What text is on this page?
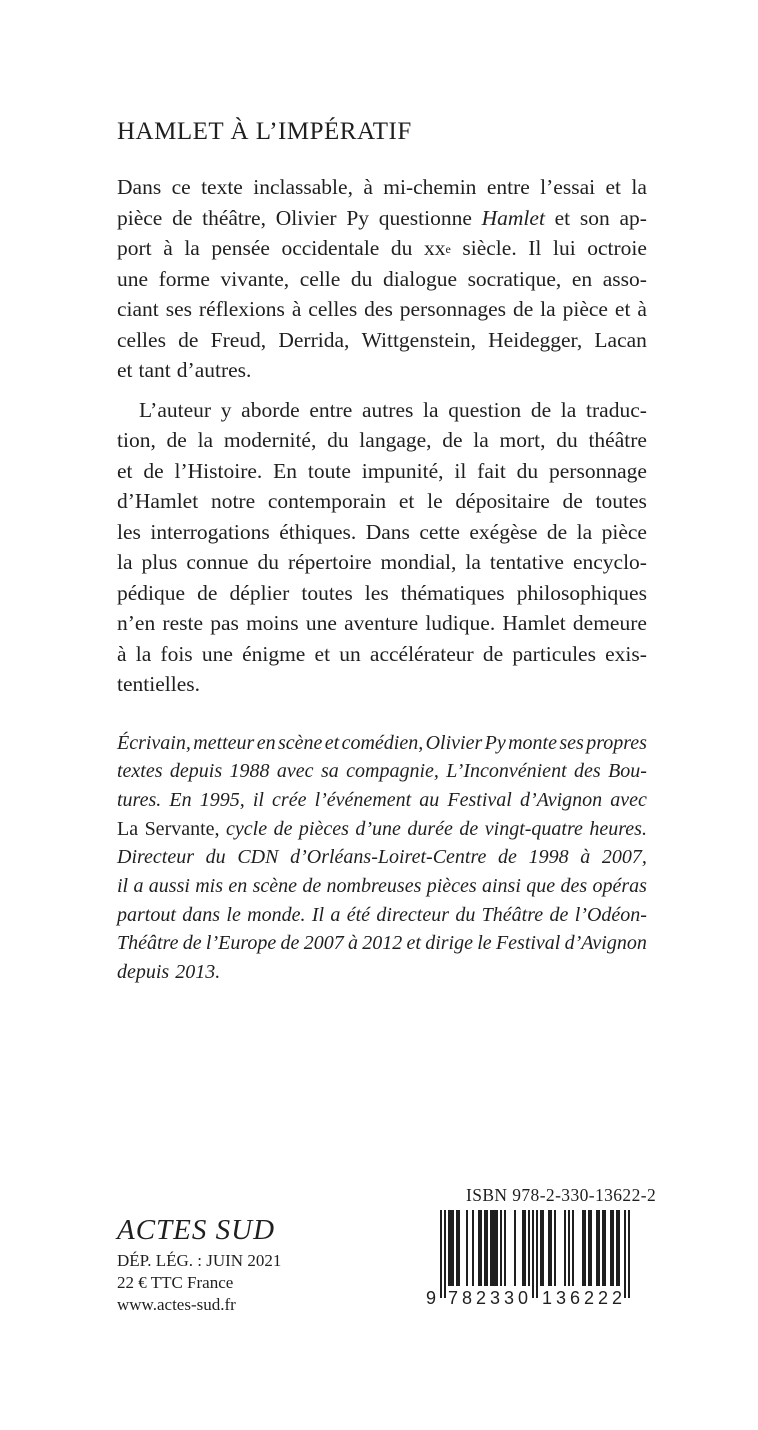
HAMLET À L’IMPÉRATIF
Dans ce texte inclassable, à mi-chemin entre l’essai et la
pièce de théâtre, Olivier Py questionne Hamlet et son ap-
port à la pensée occidentale du $xx^e$ siècle. Il lui octroie
une forme vivante, celle du dialogue socratique, en asso-
ciant ses réflexions à celles des personnages de la pièce et à
celles de Freud, Derrida, Wittgenstein, Heidegger, Lacan
et tant d’autres.
L’auteur y aborde entre autres la question de la traduc-
tion, de la modernité, du langage, de la mort, du théâtre
et de l’Histoire. En toute impunité, il fait du personnage
d’Hamlet notre contemporain et le dépositaire de toutes
les interrogations éthiques. Dans cette exégèse de la pièce
la plus connue du répertoire mondial, la tentative encyclo-
pédique de déplier toutes les thématiques philosophiques
n’en reste pas moins une aventure ludique. Hamlet demeure
à la fois une énigme et un accélérateur de particules exis-
tentielles.
Écrivain, metteur en scène et comédien, Olivier Py monte ses propres
textes depuis 1988 avec sa compagnie, L’Inconvénient des Bou-
tures. En 1995, il crée l’événement au Festival d’Avignon avec
La Servante, cycle de pièces d’une durée de vingt-quatre heures.
Directeur du CDN d’Orléans-Loiret-Centre de 1998 à 2007,
il a aussi mis en scène de nombreuses pièces ainsi que des opéras
partout dans le monde. Il a été directeur du Théâtre de l’Odéon-
Théâtre de l’Europe de 2007 à 2012 et dirige le Festival d’Avignon
depuis 2013.
ACTES SUD
DÉP. LÉG. : JUIN 2021
22 € TTC France
www.actes-sud.fr
ISBN 978-2-330-13622-2
9 7 8 2 3 3 0 1 3 6 2 2 2
